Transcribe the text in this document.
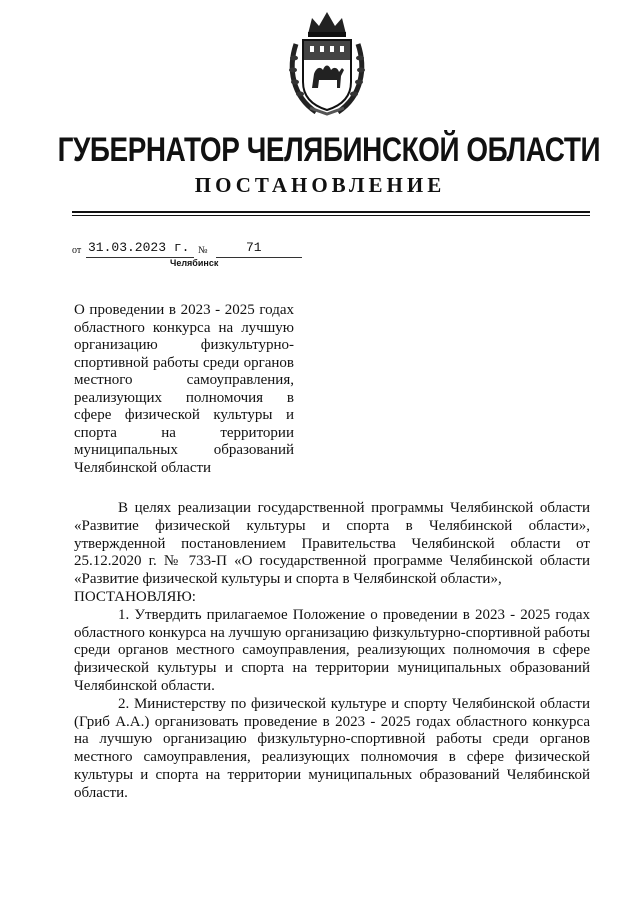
ГУБЕРНАТОР ЧЕЛЯБИНСКОЙ ОБЛАСТИ
ПОСТАНОВЛЕНИЕ
от 31.03.2023 г. №	71
Челябинск
О проведении в 2023 - 2025 годах областного конкурса на лучшую организацию физкультурно-спортивной работы среди органов местного самоуправления, реализующих полномочия в сфере физической культуры и спорта на территории муниципальных образований Челябинской области

В целях реализации государственной программы Челябинской области «Развитие физической культуры и спорта в Челябинской области», утвержденной постановлением Правительства Челябинской области от 25.12.2020 г. № 733-П «О государственной программе Челябинской области «Развитие физической культуры и спорта в Челябинской области»,

ПОСТАНОВЛЯЮ:

1. Утвердить прилагаемое Положение о проведении в 2023 - 2025 годах областного конкурса на лучшую организацию физкультурно-спортивной работы среди органов местного самоуправления, реализующих полномочия в сфере физической культуры и спорта на территории муниципальных образований Челябинской области.

2. Министерству по физической культуре и спорту Челябинской области (Гриб А.А.) организовать проведение в 2023 - 2025 годах областного конкурса на лучшую организацию физкультурно-спортивной работы среди органов местного самоуправления, реализующих полномочия в сфере физической культуры и спорта на территории муниципальных образований Челябинской области.
